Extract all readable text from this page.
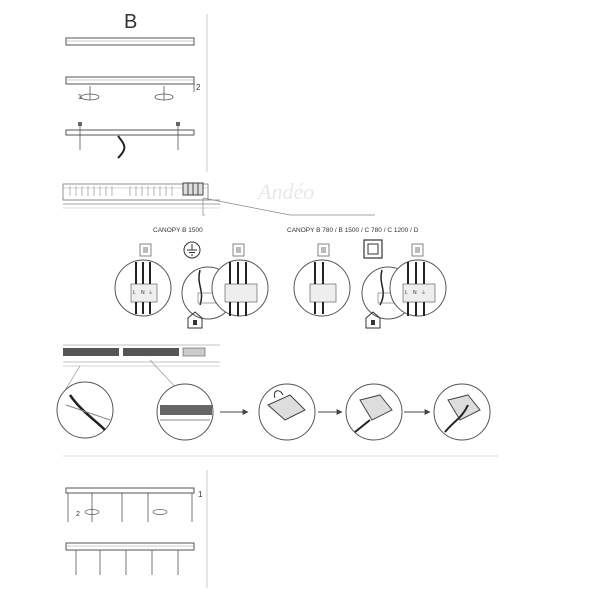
B
1
2
Andéo
CANOPY B 1500	CANOPY B 780 / B 1500 / C 780 / C 1200 / D
L N ⏚	L N ⏚
1
2
